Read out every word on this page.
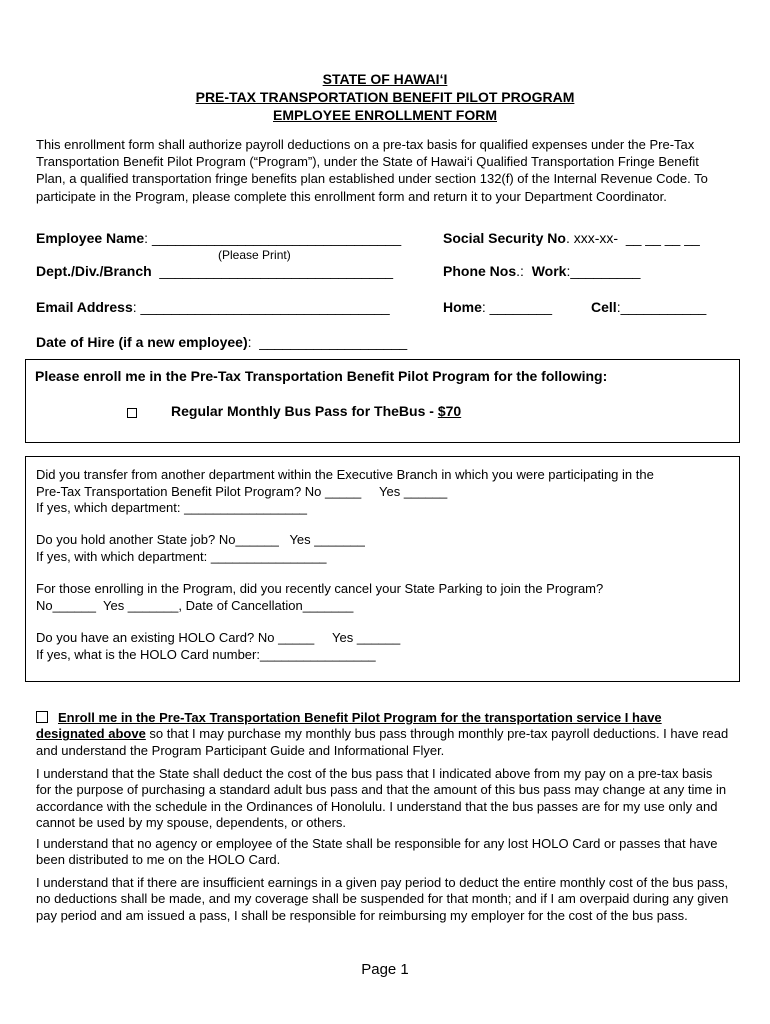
STATE OF HAWAI‘I
PRE-TAX TRANSPORTATION BENEFIT PILOT PROGRAM
EMPLOYEE ENROLLMENT FORM
This enrollment form shall authorize payroll deductions on a pre-tax basis for qualified expenses under the Pre-Tax Transportation Benefit Pilot Program (“Program”), under the State of Hawai‘i Qualified Transportation Fringe Benefit Plan, a qualified transportation fringe benefits plan established under section 132(f) of the Internal Revenue Code. To participate in the Program, please complete this enrollment form and return it to your Department Coordinator.
Employee Name: ________________________________
(Please Print)
Social Security No. xxx-xx-  __ __ __ __
Dept./Div./Branch  ______________________________	Phone Nos.:  Work:_________
Email Address: ________________________________	Home: ________	Cell:___________
Date of Hire (if a new employee):  ___________________
Please enroll me in the Pre-Tax Transportation Benefit Pilot Program for the following:
Regular Monthly Bus Pass for TheBus - $70
Did you transfer from another department within the Executive Branch in which you were participating in the
Pre-Tax Transportation Benefit Pilot Program? No _____     Yes ______
If yes, which department: _________________
Do you hold another State job? No______   Yes _______
If yes, with which department: ________________
For those enrolling in the Program, did you recently cancel your State Parking to join the Program?
No______  Yes _______, Date of Cancellation_______
Do you have an existing HOLO Card? No _____     Yes ______
If yes, what is the HOLO Card number:________________
Enroll me in the Pre-Tax Transportation Benefit Pilot Program for the transportation service I have designated above so that I may purchase my monthly bus pass through monthly pre-tax payroll deductions. I have read and understand the Program Participant Guide and Informational Flyer.
I understand that the State shall deduct the cost of the bus pass that I indicated above from my pay on a pre-tax basis for the purpose of purchasing a standard adult bus pass and that the amount of this bus pass may change at any time in accordance with the schedule in the Ordinances of Honolulu. I understand that the bus passes are for my use only and cannot be used by my spouse, dependents, or others.
I understand that no agency or employee of the State shall be responsible for any lost HOLO Card or passes that have been distributed to me on the HOLO Card.
I understand that if there are insufficient earnings in a given pay period to deduct the entire monthly cost of the bus pass, no deductions shall be made, and my coverage shall be suspended for that month; and if I am overpaid during any given pay period and am issued a pass, I shall be responsible for reimbursing my employer for the cost of the bus pass.
Page 1
